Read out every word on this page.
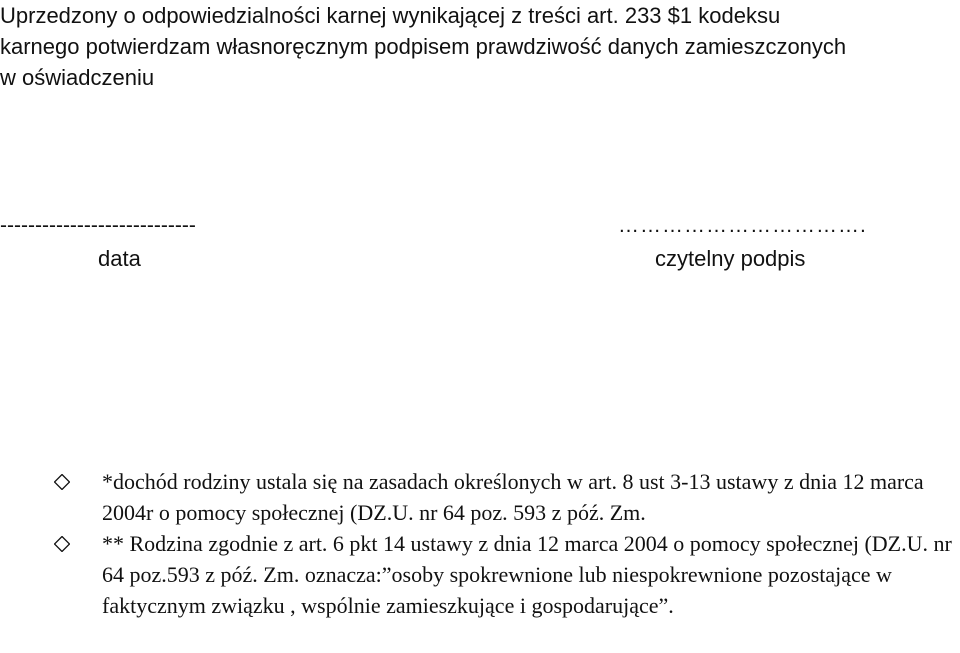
Uprzedzony o odpowiedzialności karnej wynikającej z treści art. 233 $1 kodeksu
karnego potwierdzam własnoręcznym podpisem prawdziwość danych zamieszczonych
w oświadczeniu
----------------------------
data
…………………………….
czytelny podpis
*dochód rodziny ustala się na zasadach określonych w art. 8 ust 3-13 ustawy z dnia 12 marca 2004r o pomocy społecznej (DZ.U. nr 64 poz. 593 z póź. Zm.
** Rodzina zgodnie z art. 6 pkt 14 ustawy z dnia 12 marca 2004 o pomocy społecznej (DZ.U. nr 64 poz.593 z póź. Zm. oznacza:”osoby spokrewnione lub niespokrewnione pozostające w faktycznym związku , wspólnie zamieszkujące i gospodarujące”.
